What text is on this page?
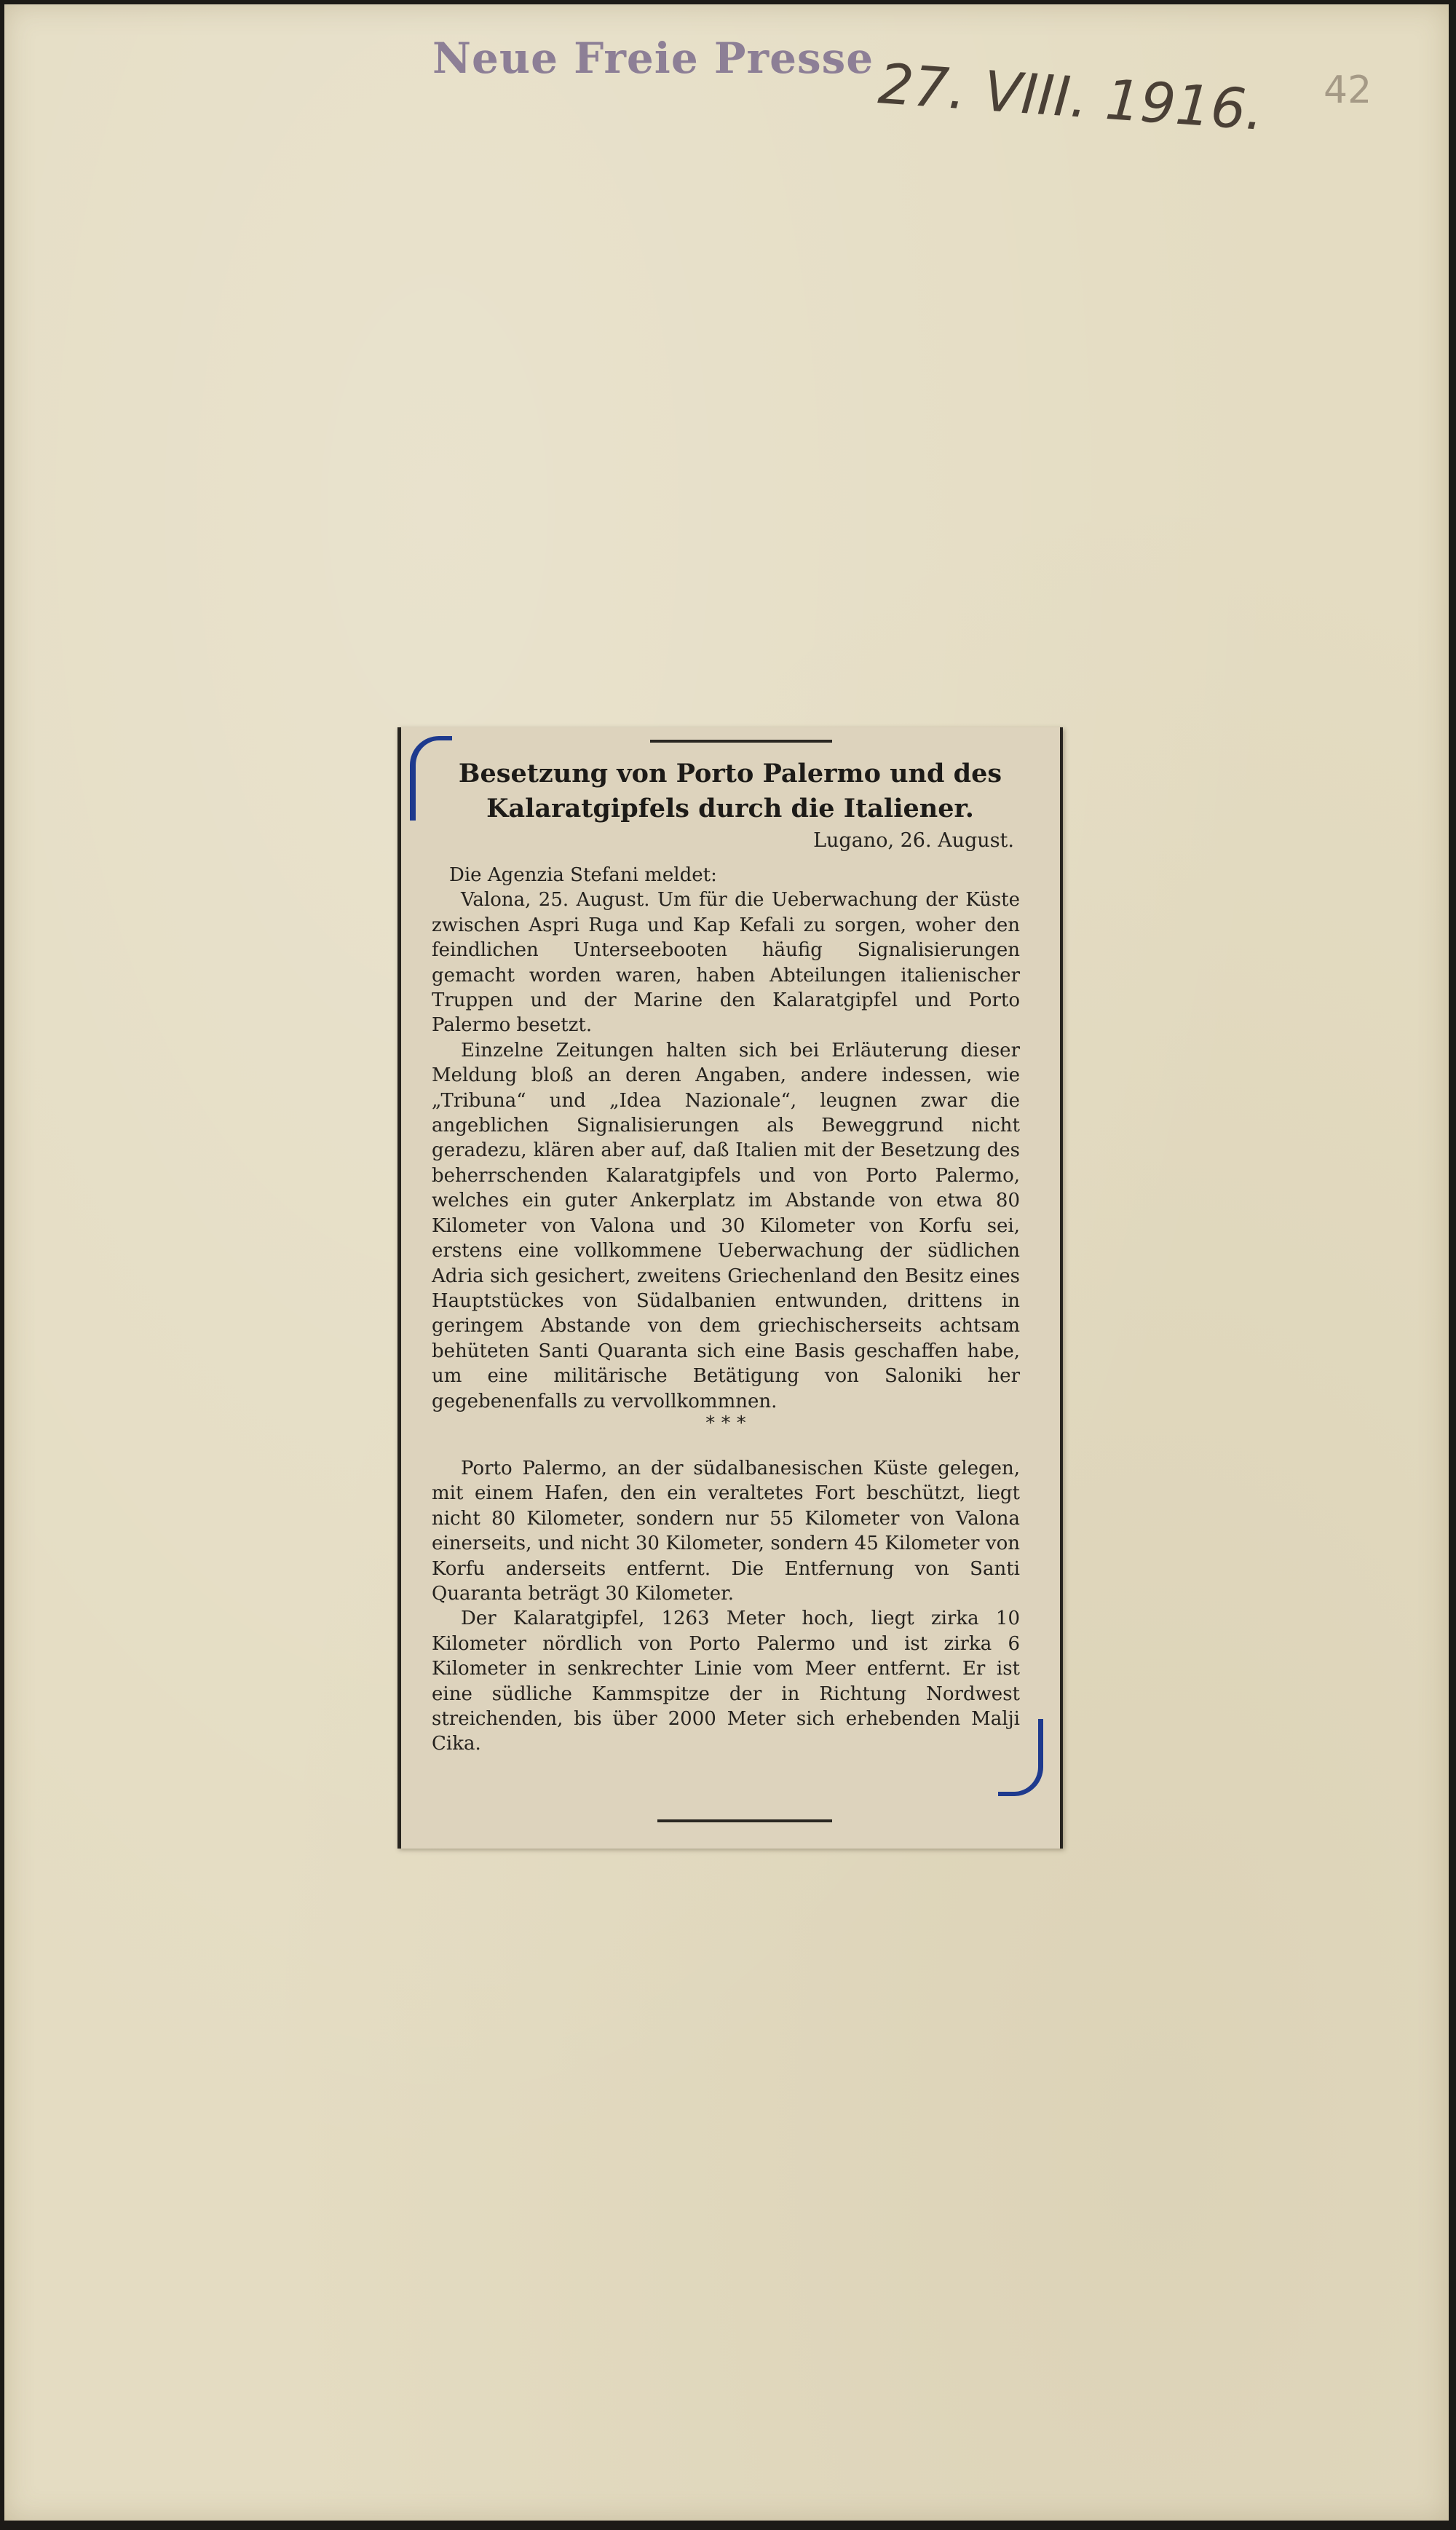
Neue Freie Presse 27. VIII. 1916. 42
Besetzung von Porto Palermo und des Kalaratgipfels durch die Italiener.
Lugano, 26. August.

Die Agenzia Stefani meldet:

Valona, 25. August. Um für die Ueberwachung der Küste zwischen Aspri Ruga und Kap Kefali zu sorgen, woher den feindlichen Unterseebooten häufig Signalisierungen gemacht worden waren, haben Abteilungen italienischer Truppen und der Marine den Kalaratgipfel und Porto Palermo besetzt.

Einzelne Zeitungen halten sich bei Erläuterung dieser Meldung bloß an deren Angaben, andere indessen, wie „Tribuna“ und „Idea Nazionale“, leugnen zwar die angeblichen Signalisierungen als Beweggrund nicht geradezu, klären aber auf, daß Italien mit der Besetzung des beherrschenden Kalaratgipfels und von Porto Palermo, welches ein guter Ankerplatz im Abstande von etwa 80 Kilometer von Valona und 30 Kilometer von Korfu sei, erstens eine vollkommene Ueberwachung der südlichen Adria sich gesichert, zweitens Griechenland den Besitz eines Hauptstückes von Südalbanien entwunden, drittens in geringem Abstande von dem griechischerseits achtsam behüteten Santi Quaranta sich eine Basis geschaffen habe, um eine militärische Betätigung von Saloniki her gegebenenfalls zu vervollkommnen.

* * *

Porto Palermo, an der südalbanesischen Küste gelegen, mit einem Hafen, den ein veraltetes Fort beschützt, liegt nicht 80 Kilometer, sondern nur 55 Kilometer von Valona einerseits, und nicht 30 Kilometer, sondern 45 Kilometer von Korfu anderseits entfernt. Die Entfernung von Santi Quaranta beträgt 30 Kilometer.

Der Kalaratgipfel, 1263 Meter hoch, liegt zirka 10 Kilometer nördlich von Porto Palermo und ist zirka 6 Kilometer in senkrechter Linie vom Meer entfernt. Er ist eine südliche Kammspitze der in Richtung Nordwest streichenden, bis über 2000 Meter sich erhebenden Malji Cika.
